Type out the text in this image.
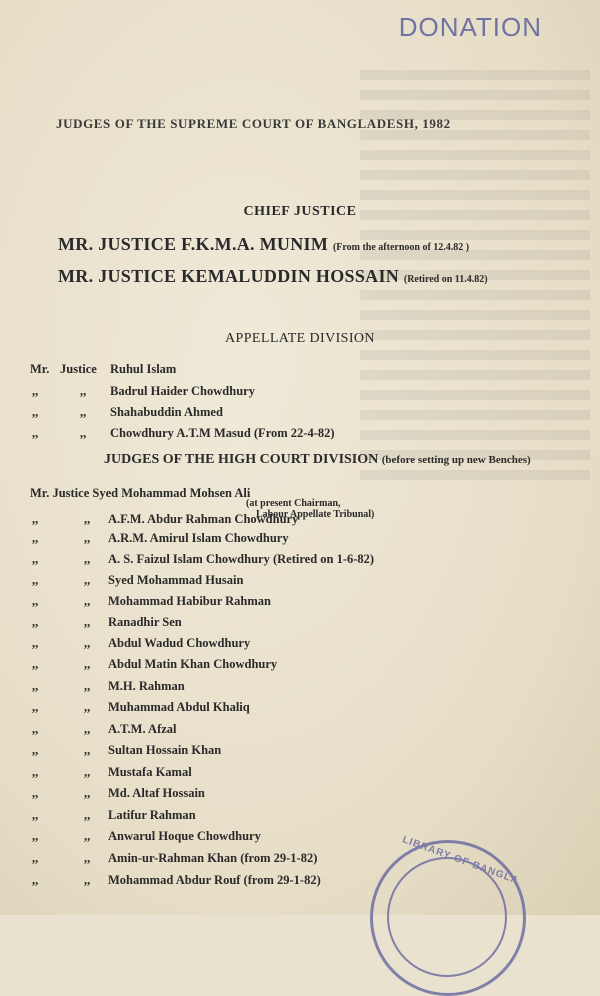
DONATION
JUDGES OF THE SUPREME COURT OF BANGLADESH, 1982
CHIEF JUSTICE
MR. JUSTICE F.K.M.A. MUNIM (From the afternoon of 12.4.82 )
MR. JUSTICE KEMALUDDIN HOSSAIN (Retired on 11.4.82)
APPELLATE DIVISION
Mr. Justice Ruhul Islam
,,	,,	Badrul Haider Chowdhury
,,	,,	Shahabuddin Ahmed
,,	,,	Chowdhury A.T.M Masud (From 22-4-82)
JUDGES OF THE HIGH COURT DIVISION (before setting up new Benches)
Mr. Justice Syed Mohammad Mohsen Ali
(at present Chairman,
Labour Appellate Tribunal)
,,	,,	A.F.M. Abdur Rahman Chowdhury
,,	,,	A.R.M. Amirul Islam Chowdhury
,,	,,	A. S. Faizul Islam Chowdhury (Retired on 1-6-82)
,,	,,	Syed Mohammad Husain
,,	,,	Mohammad Habibur Rahman
,,	,,	Ranadhir Sen
,,	,,	Abdul Wadud Chowdhury
,,	,,	Abdul Matin Khan Chowdhury
,,	,,	M.H. Rahman
,,	,,	Muhammad Abdul Khaliq
,,	,,	A.T.M. Afzal
,,	,,	Sultan Hossain Khan
,,	,,	Mustafa Kamal
,,	,,	Md. Altaf Hossain
,,	,,	Latifur Rahman
,,	,,	Anwarul Hoque Chowdhury
,,	,,	Amin-ur-Rahman Khan (from 29-1-82)
,,	,,	Mohammad Abdur Rouf (from 29-1-82)	LIBRARY OF BANGLA
